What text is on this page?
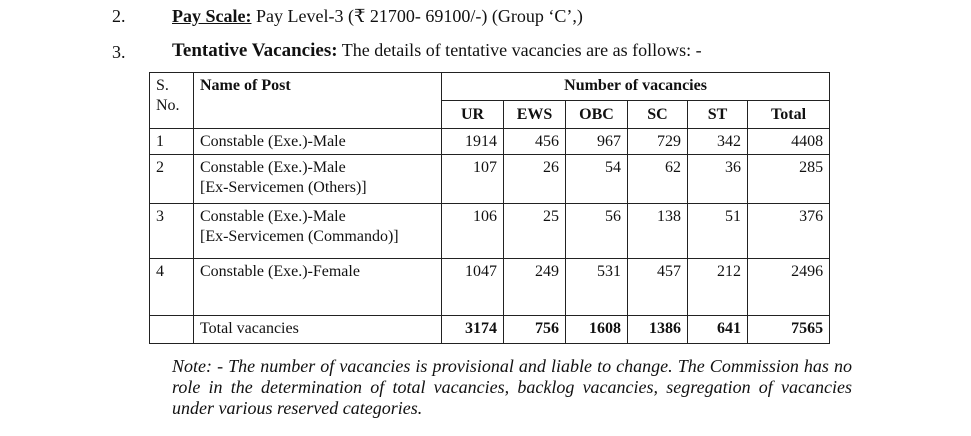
2.	Pay Scale: Pay Level-3 (₹ 21700- 69100/-) (Group ‘C’,)
3. Tentative Vacancies: The details of tentative vacancies are as follows: -
S. No.	Name of Post	Number of vacancies					
		UR	EWS	OBC	SC	ST	Total
1	Constable (Exe.)-Male	1914	456	967	729	342	4408
2	Constable (Exe.)-Male
[Ex-Servicemen (Others)]	107	26	54	62	36	285
3	Constable (Exe.)-Male
[Ex-Servicemen (Commando)]	106	25	56	138	51	376
4	Constable (Exe.)-Female	1047	249	531	457	212	2496
	Total vacancies	3174	756	1608	1386	641	7565
Note: - The number of vacancies is provisional and liable to change. The Commission has no role in the determination of total vacancies, backlog vacancies, segregation of vacancies under various reserved categories.
